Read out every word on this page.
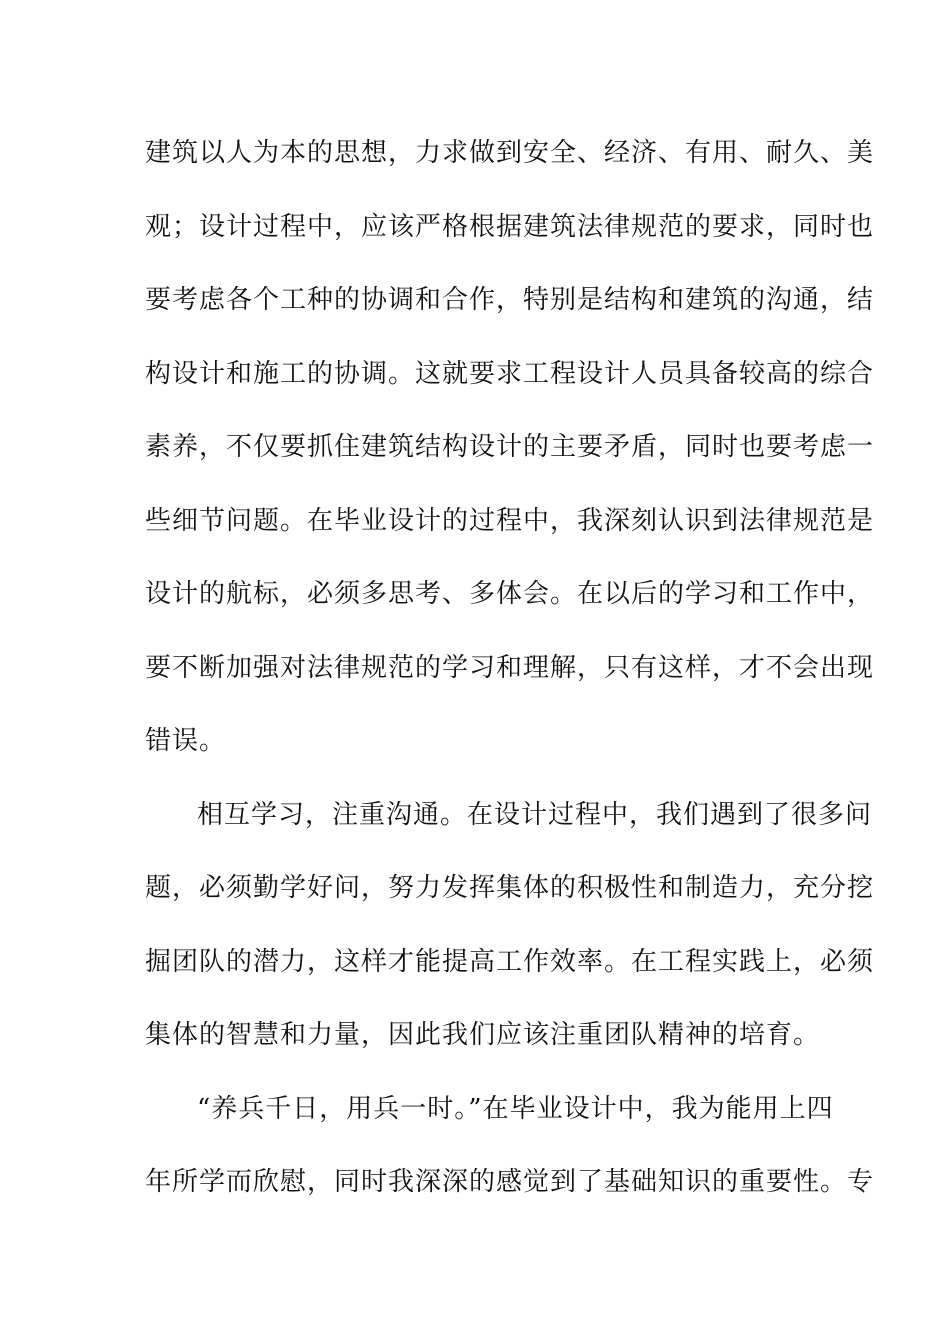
建筑以人为本的思想，力求做到安全、经济、有用、耐久、美
观；设计过程中，应该严格根据建筑法律规范的要求，同时也
要考虑各个工种的协调和合作，特别是结构和建筑的沟通，结
构设计和施工的协调。这就要求工程设计人员具备较高的综合
素养，不仅要抓住建筑结构设计的主要矛盾，同时也要考虑一
些细节问题。在毕业设计的过程中，我深刻认识到法律规范是
设计的航标，必须多思考、多体会。在以后的学习和工作中，
要不断加强对法律规范的学习和理解，只有这样，才不会出现
错误。
相互学习，注重沟通。在设计过程中，我们遇到了很多问
题，必须勤学好问，努力发挥集体的积极性和制造力，充分挖
掘团队的潜力，这样才能提高工作效率。在工程实践上，必须
集体的智慧和力量，因此我们应该注重团队精神的培育。
“养兵千日，用兵一时。”在毕业设计中，我为能用上四
年所学而欣慰，同时我深深的感觉到了基础知识的重要性。专
